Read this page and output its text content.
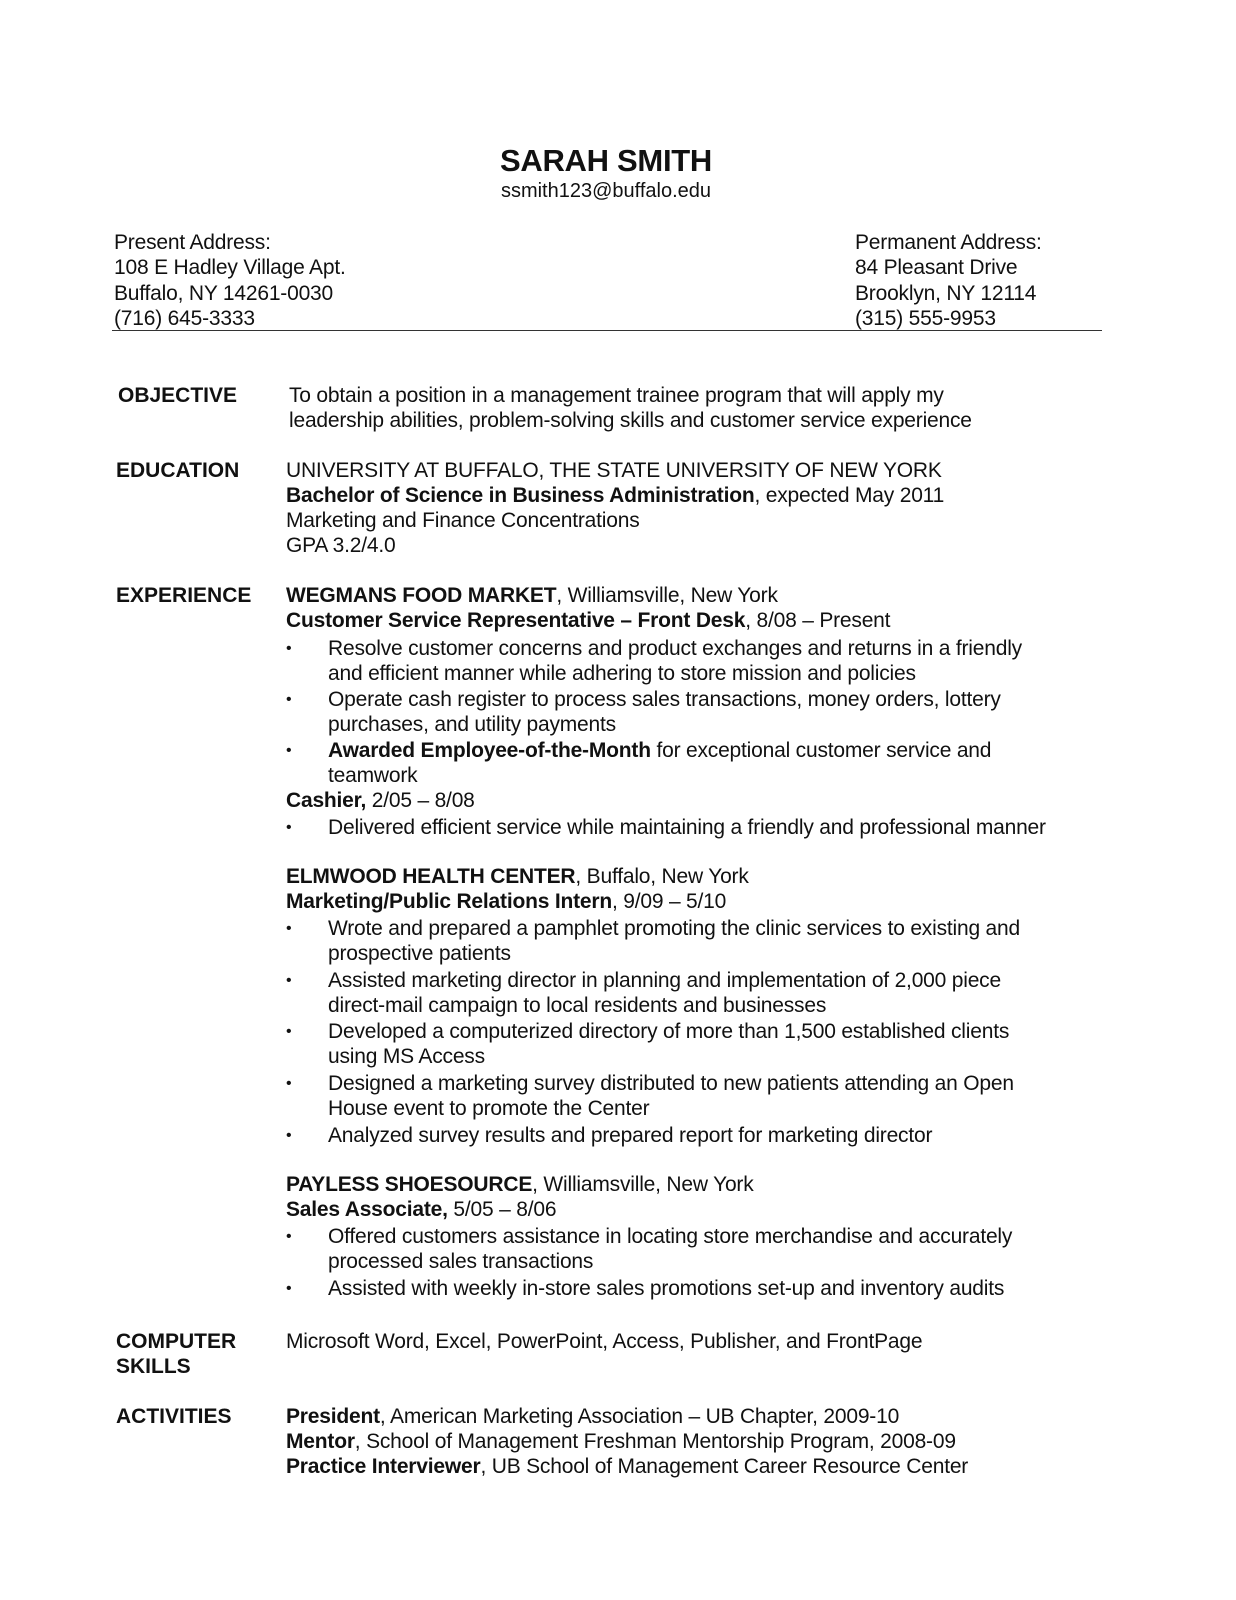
SARAH SMITH
ssmith123@buffalo.edu
Present Address:
108 E Hadley Village Apt.
Buffalo, NY 14261-0030
(716) 645-3333
Permanent Address:
84 Pleasant Drive
Brooklyn, NY 12114
(315) 555-9953
OBJECTIVE To obtain a position in a management trainee program that will apply my
leadership abilities, problem-solving skills and customer service experience
EDUCATION UNIVERSITY AT BUFFALO, THE STATE UNIVERSITY OF NEW YORK
Bachelor of Science in Business Administration, expected May 2011
Marketing and Finance Concentrations
GPA 3.2/4.0
EXPERIENCE WEGMANS FOOD MARKET, Williamsville, New York
Customer Service Representative – Front Desk, 8/08 – Present
• Resolve customer concerns and product exchanges and returns in a friendly
and efficient manner while adhering to store mission and policies
• Operate cash register to process sales transactions, money orders, lottery
purchases, and utility payments
• Awarded Employee-of-the-Month for exceptional customer service and
teamwork
Cashier, 2/05 – 8/08
• Delivered efficient service while maintaining a friendly and professional manner
ELMWOOD HEALTH CENTER, Buffalo, New York
Marketing/Public Relations Intern, 9/09 – 5/10
• Wrote and prepared a pamphlet promoting the clinic services to existing and
prospective patients
• Assisted marketing director in planning and implementation of 2,000 piece
direct-mail campaign to local residents and businesses
• Developed a computerized directory of more than 1,500 established clients
using MS Access
• Designed a marketing survey distributed to new patients attending an Open
House event to promote the Center
• Analyzed survey results and prepared report for marketing director
PAYLESS SHOESOURCE, Williamsville, New York
Sales Associate, 5/05 – 8/06
• Offered customers assistance in locating store merchandise and accurately
processed sales transactions
• Assisted with weekly in-store sales promotions set-up and inventory audits
COMPUTER
SKILLS
Microsoft Word, Excel, PowerPoint, Access, Publisher, and FrontPage
ACTIVITIES	President, American Marketing Association – UB Chapter, 2009-10
Mentor, School of Management Freshman Mentorship Program, 2008-09
Practice Interviewer, UB School of Management Career Resource Center
